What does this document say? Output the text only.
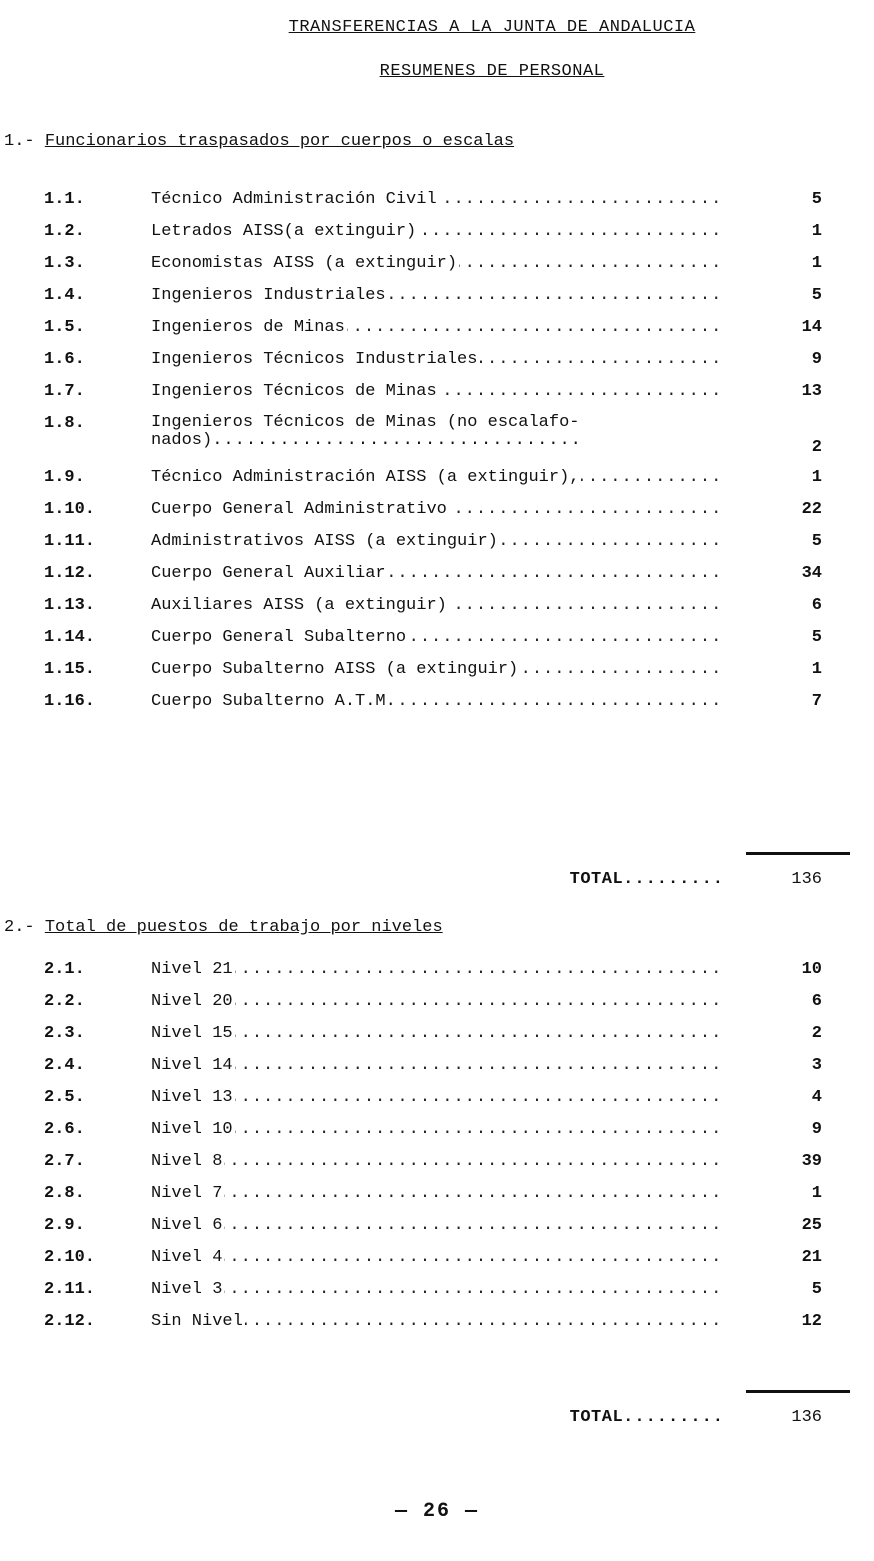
TRANSFERENCIAS A LA JUNTA DE ANDALUCIA
RESUMENES DE PERSONAL
1.- Funcionarios traspasados por cuerpos o escalas
1.1.	Técnico Administración Civil .....	5
1.2.	Letrados AISS(a extinguir) .....	1
1.3.	Economistas AISS (a extinguir) .....	1
1.4.	Ingenieros Industriales .....	5
1.5.	Ingenieros de Minas .....	14
1.6.	Ingenieros Técnicos Industriales .....	9
1.7.	Ingenieros Técnicos de Minas .....	13
1.8.	Ingenieros Técnicos de Minas (no escalafo-
nados).................................	2
1.9.	Técnico Administración AISS (a extinguir), .....	1
1.10.	Cuerpo General Administrativo .....	22
1.11.	Administrativos AISS (a extinguir) .....	5
1.12.	Cuerpo General Auxiliar .....	34
1.13.	Auxiliares AISS (a extinguir) .....	6
1.14.	Cuerpo General Subalterno .....	5
1.15.	Cuerpo Subalterno AISS (a extinguir) .....	1
1.16.	Cuerpo Subalterno A.T.M. .....	7
TOTAL.........	136
2.- Total de puestos de trabajo por niveles
2.1.	Nivel 21 .....	10
2.2.	Nivel 20 .....	6
2.3.	Nivel 15 .....	2
2.4.	Nivel 14 .....	3
2.5.	Nivel 13 .....	4
2.6.	Nivel 10 .....	9
2.7.	Nivel 8 .....	39
2.8.	Nivel 7 .....	1
2.9.	Nivel 6 .....	25
2.10.	Nivel 4 .....	21
2.11.	Nivel 3 .....	5
2.12.	Sin Nivel .....	12
TOTAL.........	136
— 26 —
